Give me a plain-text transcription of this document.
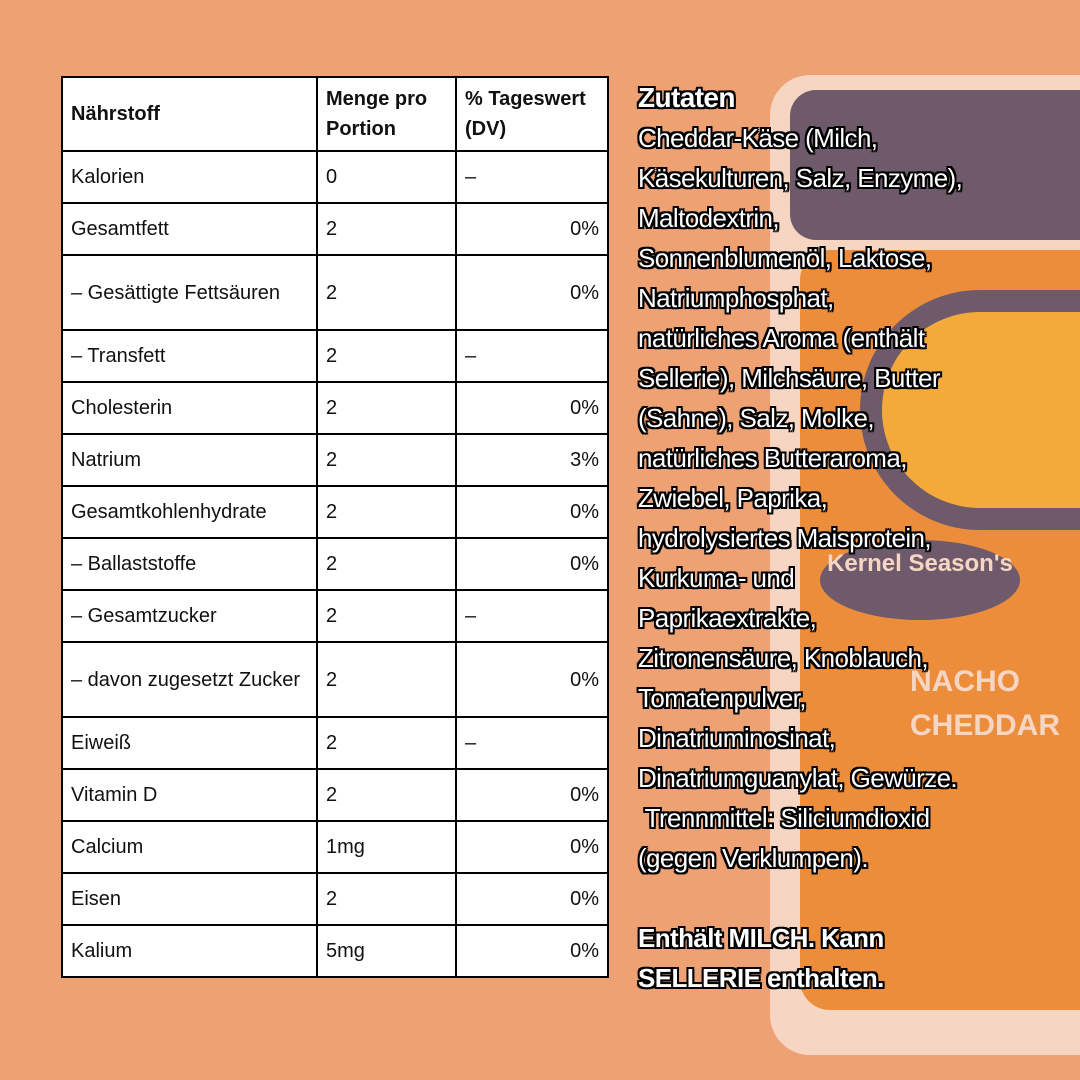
Kernel Season's
NACHO CHEDDAR
Nährstoff	Menge pro Portion	% Tageswert (DV)
Kalorien	0	–
Gesamtfett	2	0%
– Gesättigte Fettsäuren	2	0%
– Transfett	2	–
Cholesterin	2	0%
Natrium	2	3%
Gesamtkohlenhydrate	2	0%
– Ballaststoffe	2	0%
– Gesamtzucker	2	–
– davon zugesetzt Zucker	2	0%
Eiweiß	2	–
Vitamin D	2	0%
Calcium	1mg	0%
Eisen	2	0%
Kalium	5mg	0%
Zutaten
Cheddar-Käse (Milch,
Käsekulturen, Salz, Enzyme),
Maltodextrin,
Sonnenblumenöl, Laktose,
Natriumphosphat,
natürliches Aroma (enthält
Sellerie), Milchsäure, Butter
(Sahne), Salz, Molke,
natürliches Butteraroma,
Zwiebel, Paprika,
hydrolysiertes Maisprotein,
Kurkuma- und
Paprikaextrakte,
Zitronensäure, Knoblauch,
Tomatenpulver,
Dinatriuminosinat,
Dinatriumguanylat, Gewürze.
Trennmittel: Siliciumdioxid
(gegen Verklumpen).
Enthält MILCH. Kann
SELLERIE enthalten.
